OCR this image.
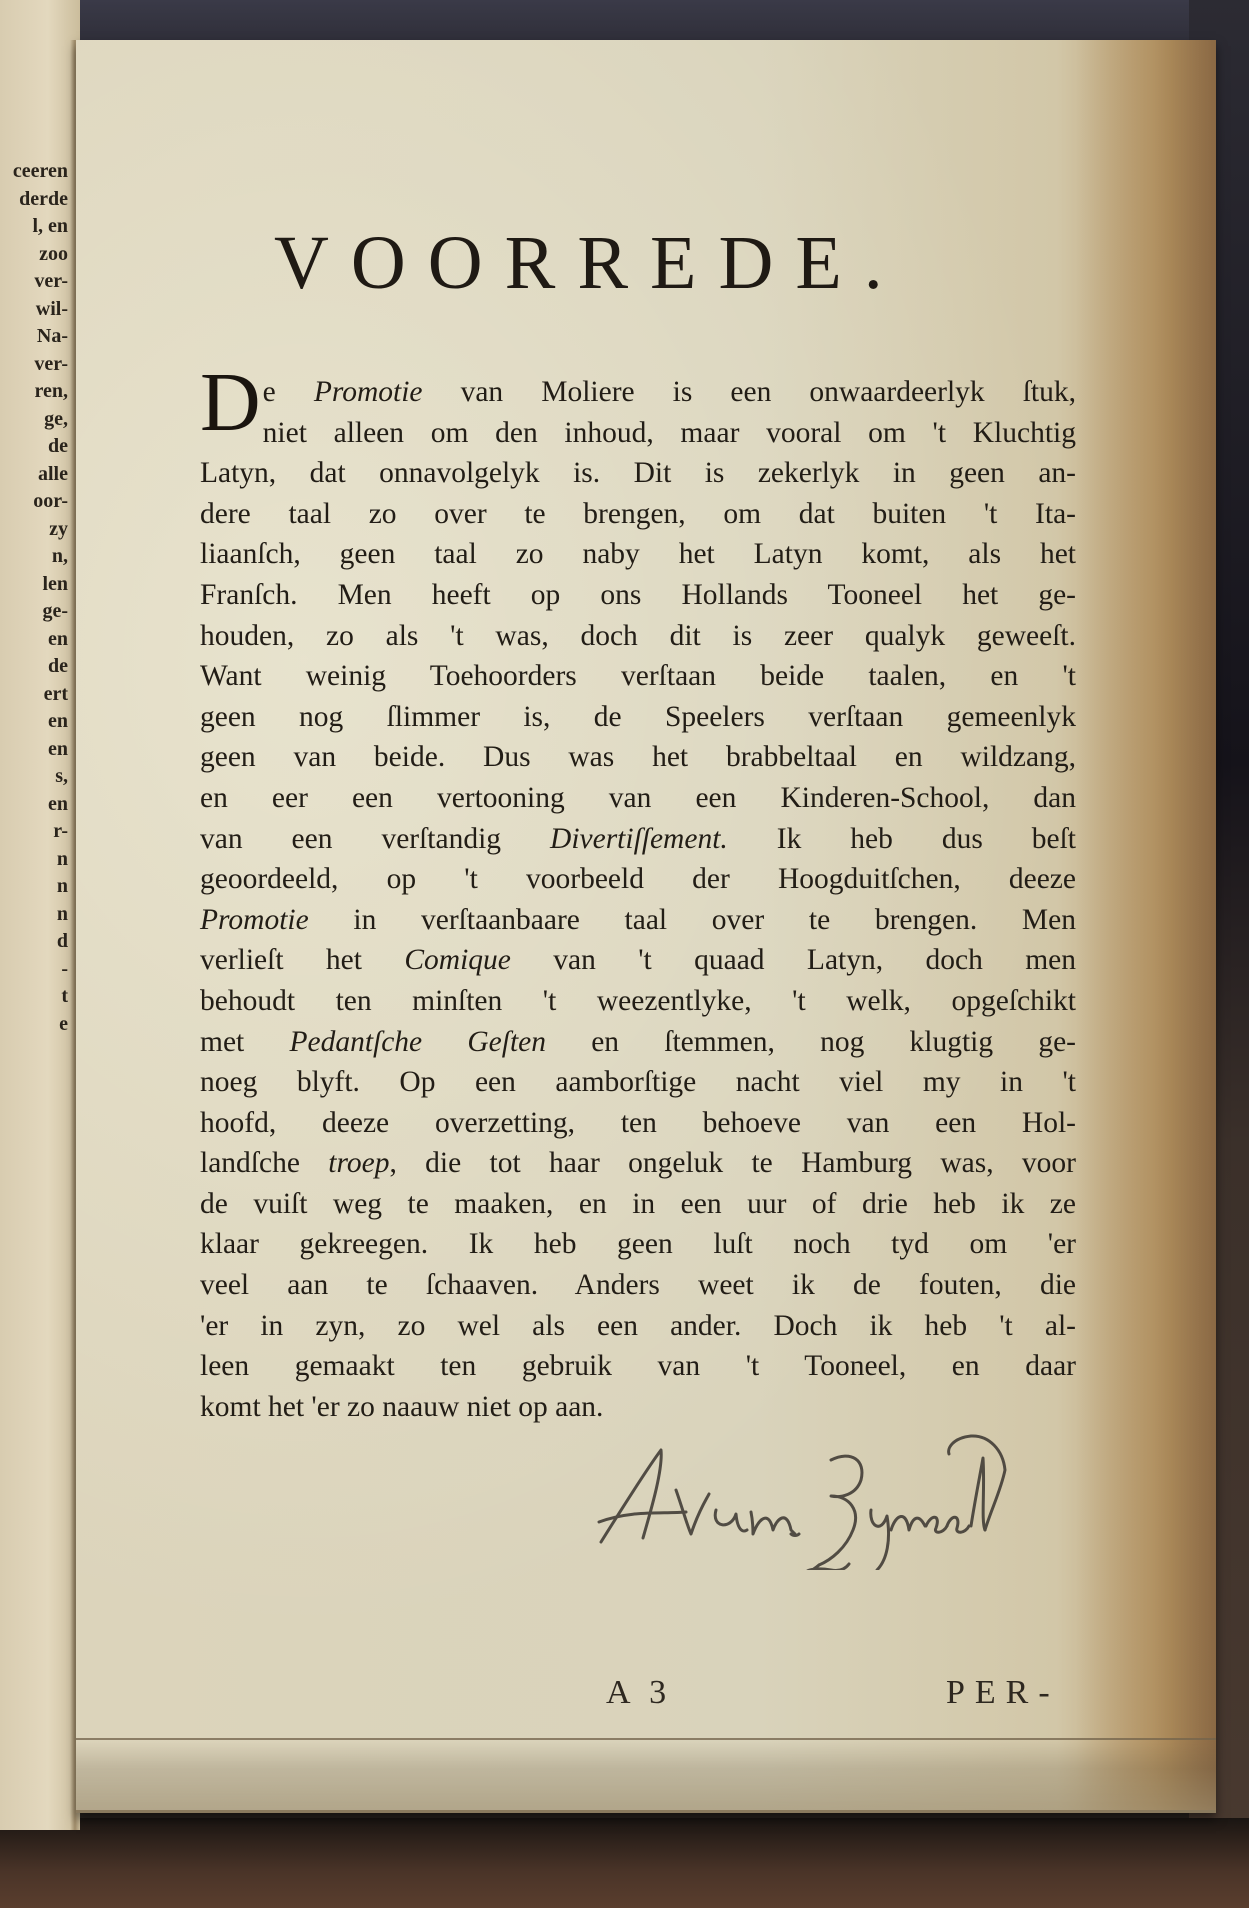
ceeren
derde
l, en
zoo
ver-
wil-
Na-
ver-
ren,
ge,
de
alle
oor-
zy
n,
len
ge-
en
de
ert
en
en
s,
en
r-
n
n
n
d
-
t
e
VOORREDE.
D e Promotie van Moliere is een onwaardeerlyk ſtuk,
niet alleen om den inhoud, maar vooral om 't Kluchtig
Latyn, dat onnavolgelyk is. Dit is zekerlyk in geen an-
dere taal zo over te brengen, om dat buiten 't Ita-
liaanſch, geen taal zo naby het Latyn komt, als het
Franſch. Men heeft op ons Hollands Tooneel het ge-
houden, zo als 't was, doch dit is zeer qualyk geweeſt.
Want weinig Toehoorders verſtaan beide taalen, en 't
geen nog ſlimmer is, de Speelers verſtaan gemeenlyk
geen van beide. Dus was het brabbeltaal en wildzang,
en eer een vertooning van een Kinderen-School, dan
van een verſtandig Divertiſſement. Ik heb dus beſt
geoordeeld, op 't voorbeeld der Hoogduitſchen, deeze
Promotie in verſtaanbaare taal over te brengen. Men
verlieſt het Comique van 't quaad Latyn, doch men
behoudt ten minſten 't weezentlyke, 't welk, opgeſchikt
met Pedantſche Geſten en ſtemmen, nog klugtig ge-
noeg blyft. Op een aamborſtige nacht viel my in 't
hoofd, deeze overzetting, ten behoeve van een Hol-
landſche troep, die tot haar ongeluk te Hamburg was, voor
de vuiſt weg te maaken, en in een uur of drie heb ik ze
klaar gekreegen. Ik heb geen luſt noch tyd om 'er
veel aan te ſchaaven. Anders weet ik de fouten, die
'er in zyn, zo wel als een ander. Doch ik heb 't al-
leen gemaakt ten gebruik van 't Tooneel, en daar
komt het 'er zo naauw niet op aan.
A 3	PER-
